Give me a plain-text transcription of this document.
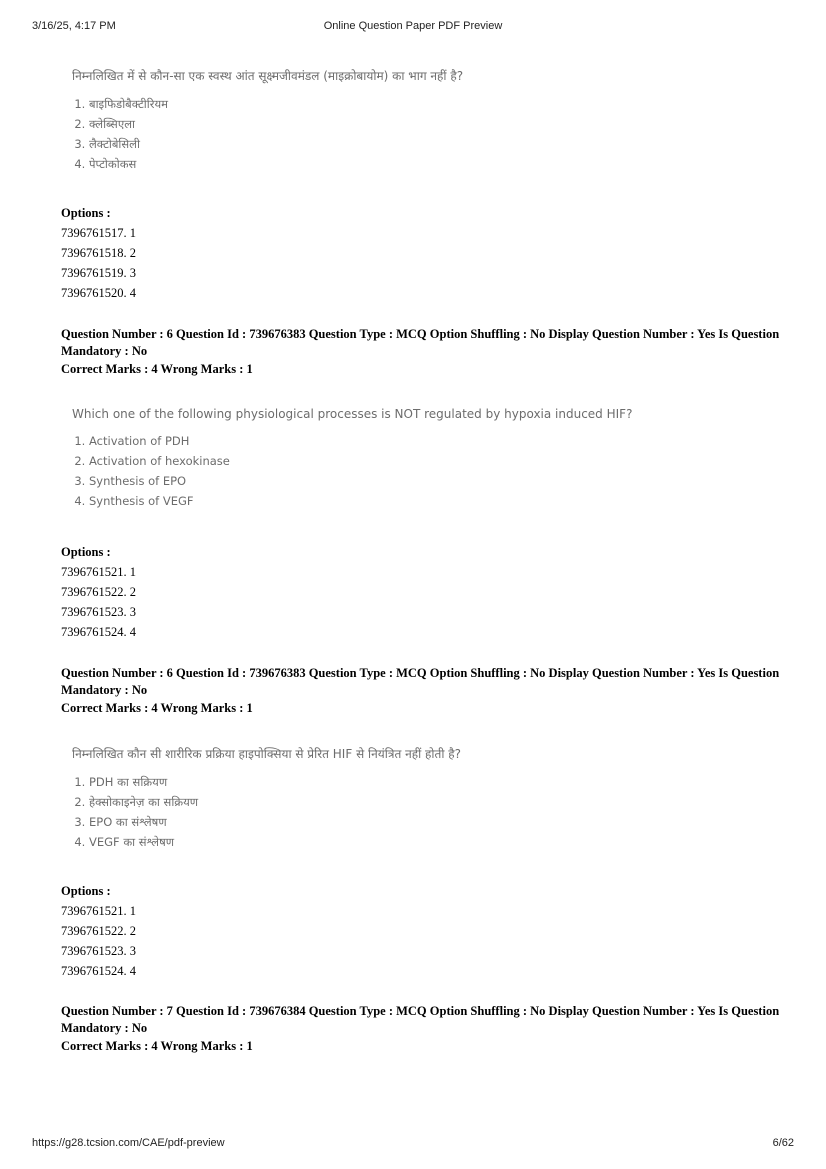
3/16/25, 4:17 PM	Online Question Paper PDF Preview
निम्नलिखित में से कौन-सा एक स्वस्थ आंत सूक्ष्मजीवमंडल (माइक्रोबायोम) का भाग नहीं है?
1. बाइफिडोबैक्टीरियम
2. क्लेब्सिएला
3. लैक्टोबेसिली
4. पेप्टोकोकस
Options :
7396761517. 1
7396761518. 2
7396761519. 3
7396761520. 4
Question Number : 6 Question Id : 739676383 Question Type : MCQ Option Shuffling : No Display Question Number : Yes Is Question Mandatory : No
Correct Marks : 4 Wrong Marks : 1
Which one of the following physiological processes is NOT regulated by hypoxia induced HIF?
1. Activation of PDH
2. Activation of hexokinase
3. Synthesis of EPO
4. Synthesis of VEGF
Options :
7396761521. 1
7396761522. 2
7396761523. 3
7396761524. 4
Question Number : 6 Question Id : 739676383 Question Type : MCQ Option Shuffling : No Display Question Number : Yes Is Question Mandatory : No
Correct Marks : 4 Wrong Marks : 1
निम्नलिखित कौन सी शारीरिक प्रक्रिया हाइपोक्सिया से प्रेरित HIF से नियंत्रित नहीं होती है?
1. PDH का सक्रियण
2. हेक्सोकाइनेज़ का सक्रियण
3. EPO का संश्लेषण
4. VEGF का संश्लेषण
Options :
7396761521. 1
7396761522. 2
7396761523. 3
7396761524. 4
Question Number : 7 Question Id : 739676384 Question Type : MCQ Option Shuffling : No Display Question Number : Yes Is Question Mandatory : No
Correct Marks : 4 Wrong Marks : 1
https://g28.tcsion.com/CAE/pdf-preview	6/62
